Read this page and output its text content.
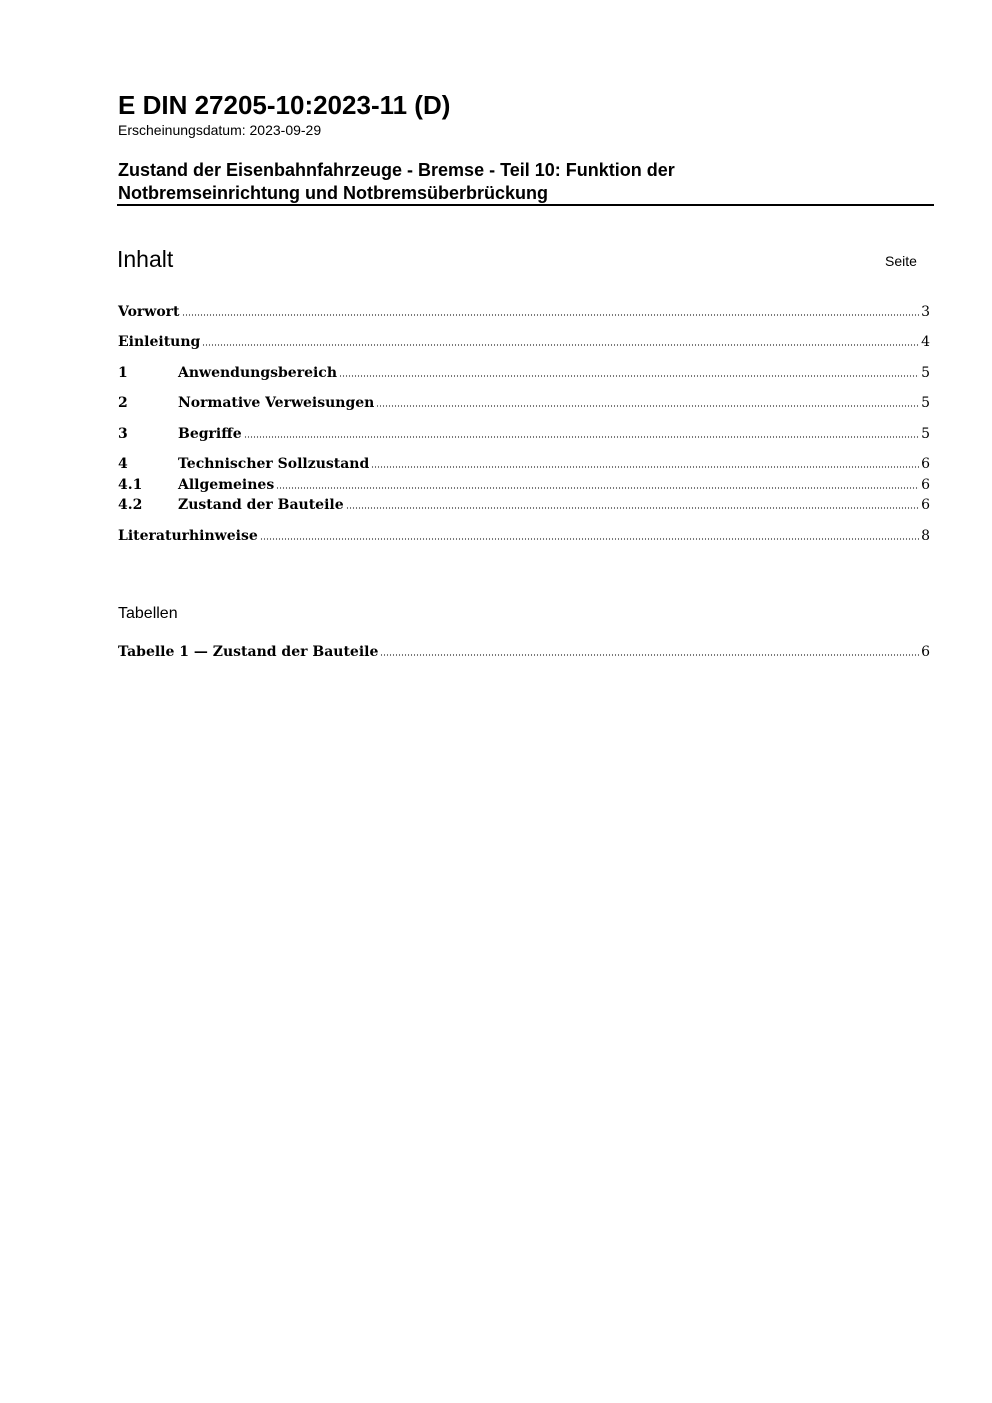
E DIN 27205-10:2023-11 (D)
Erscheinungsdatum: 2023-09-29
Zustand der Eisenbahnfahrzeuge - Bremse - Teil 10: Funktion der
Notbremseinrichtung und Notbremsüberbrückung
Inhalt	Seite
Vorwort	3
Einleitung	4
1	Anwendungsbereich	5
2	Normative Verweisungen	5
3	Begriffe	5
4	Technischer Sollzustand	6
4.1	Allgemeines	6
4.2	Zustand der Bauteile	6
Literaturhinweise	8
Tabellen
Tabelle 1 — Zustand der Bauteile	6
